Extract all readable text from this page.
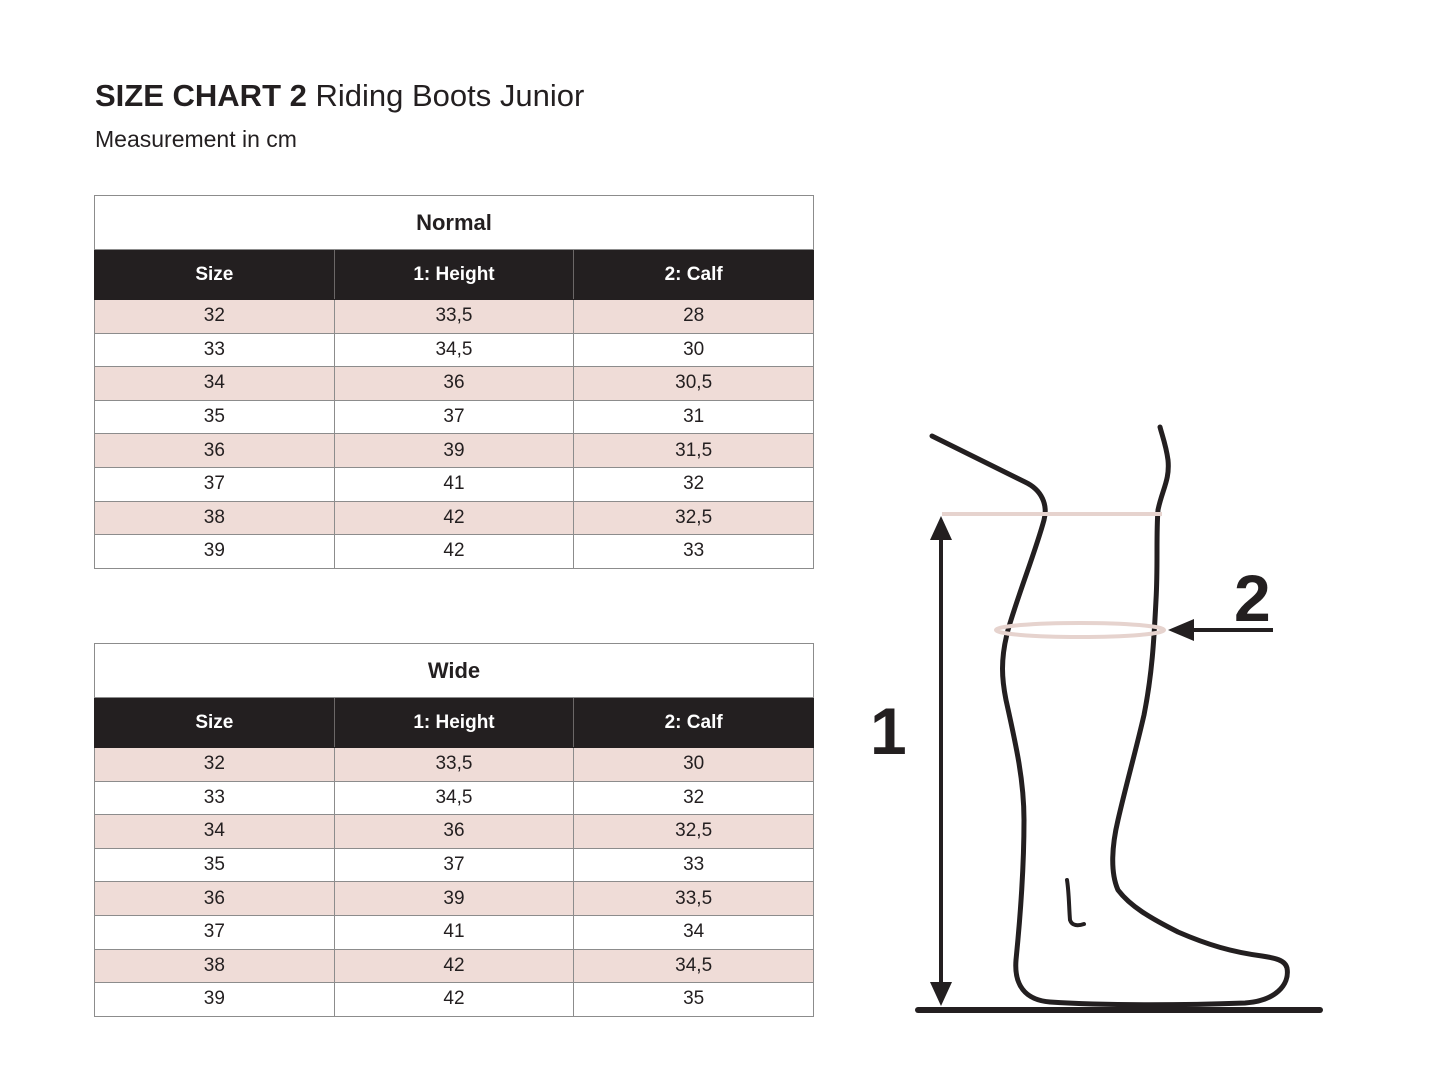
SIZE CHART 2 Riding Boots Junior
Measurement in cm
Normal		
Size	1: Height	2: Calf
32	33,5	28
33	34,5	30
34	36	30,5
35	37	31
36	39	31,5
37	41	32
38	42	32,5
39	42	33
Wide		
Size	1: Height	2: Calf
32	33,5	30
33	34,5	32
34	36	32,5
35	37	33
36	39	33,5
37	41	34
38	42	34,5
39	42	35
1
2
